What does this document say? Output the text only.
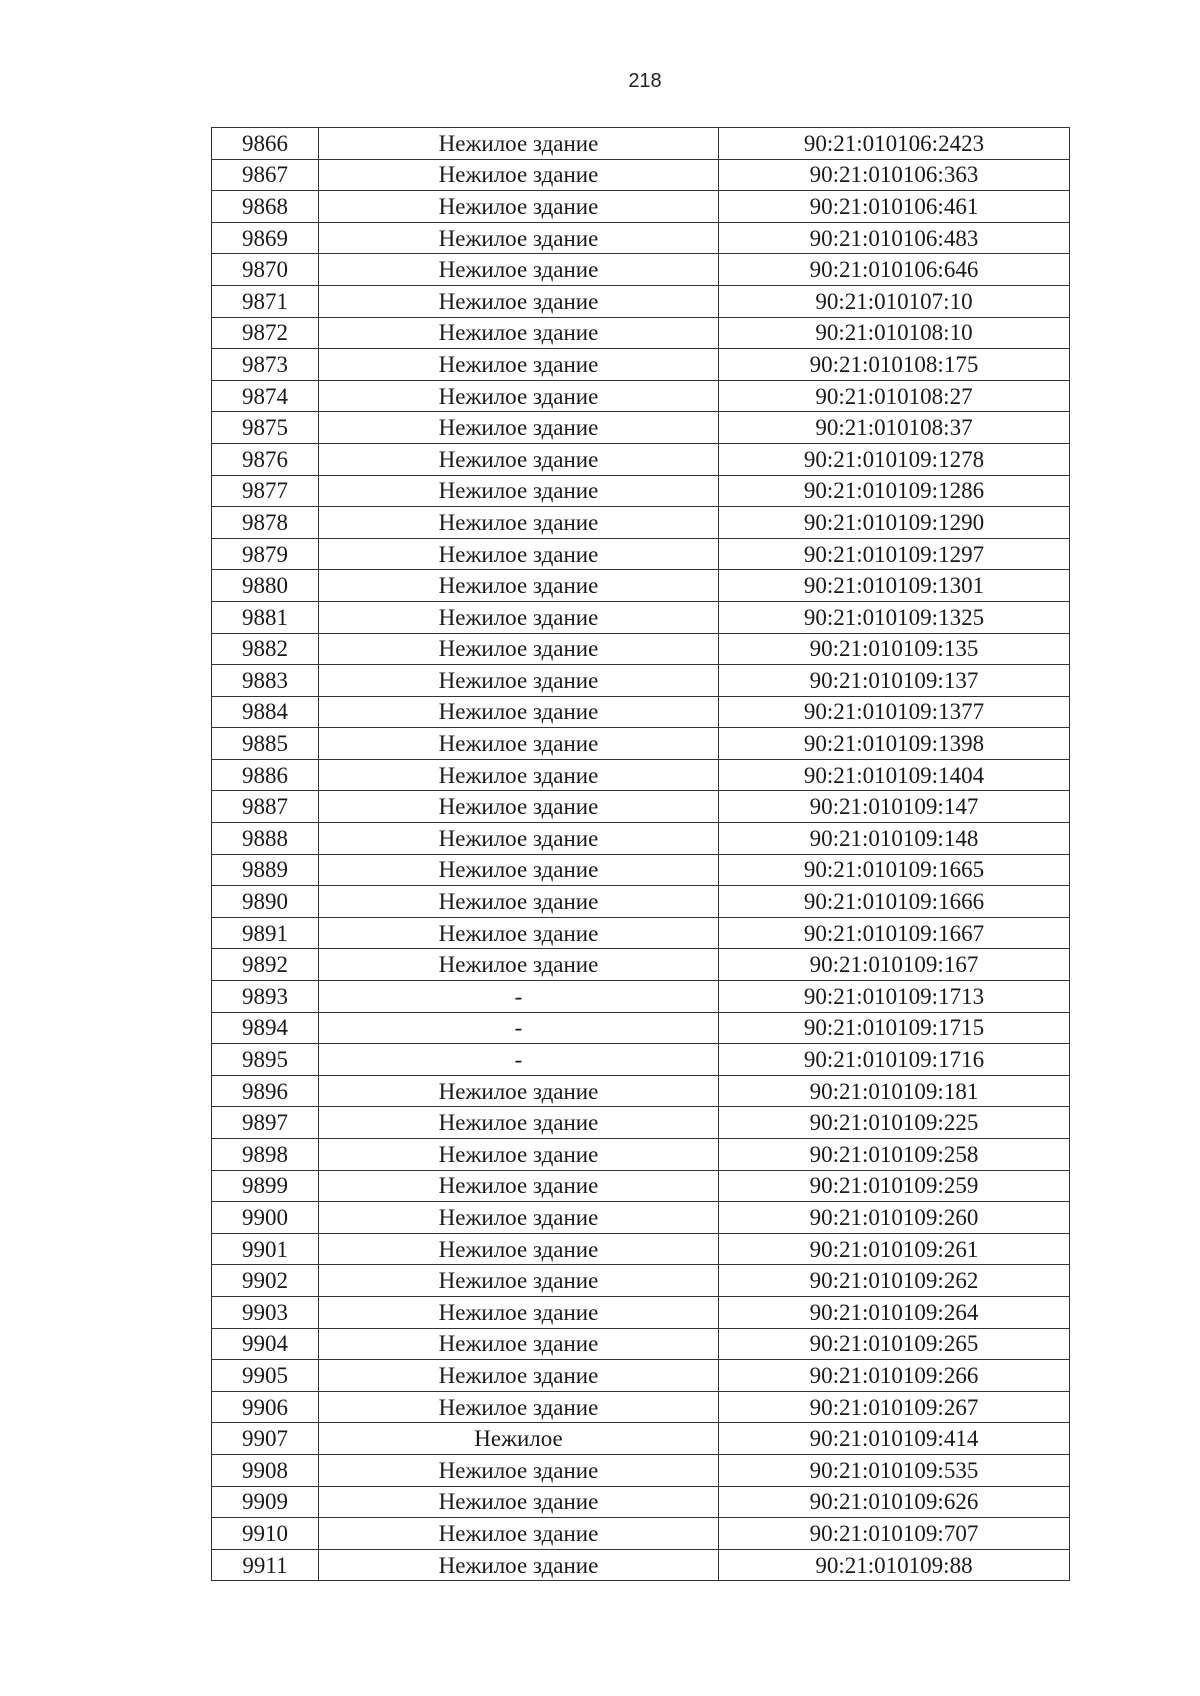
218
9866	Нежилое здание	90:21:010106:2423
9867	Нежилое здание	90:21:010106:363
9868	Нежилое здание	90:21:010106:461
9869	Нежилое здание	90:21:010106:483
9870	Нежилое здание	90:21:010106:646
9871	Нежилое здание	90:21:010107:10
9872	Нежилое здание	90:21:010108:10
9873	Нежилое здание	90:21:010108:175
9874	Нежилое здание	90:21:010108:27
9875	Нежилое здание	90:21:010108:37
9876	Нежилое здание	90:21:010109:1278
9877	Нежилое здание	90:21:010109:1286
9878	Нежилое здание	90:21:010109:1290
9879	Нежилое здание	90:21:010109:1297
9880	Нежилое здание	90:21:010109:1301
9881	Нежилое здание	90:21:010109:1325
9882	Нежилое здание	90:21:010109:135
9883	Нежилое здание	90:21:010109:137
9884	Нежилое здание	90:21:010109:1377
9885	Нежилое здание	90:21:010109:1398
9886	Нежилое здание	90:21:010109:1404
9887	Нежилое здание	90:21:010109:147
9888	Нежилое здание	90:21:010109:148
9889	Нежилое здание	90:21:010109:1665
9890	Нежилое здание	90:21:010109:1666
9891	Нежилое здание	90:21:010109:1667
9892	Нежилое здание	90:21:010109:167
9893	-	90:21:010109:1713
9894	-	90:21:010109:1715
9895	-	90:21:010109:1716
9896	Нежилое здание	90:21:010109:181
9897	Нежилое здание	90:21:010109:225
9898	Нежилое здание	90:21:010109:258
9899	Нежилое здание	90:21:010109:259
9900	Нежилое здание	90:21:010109:260
9901	Нежилое здание	90:21:010109:261
9902	Нежилое здание	90:21:010109:262
9903	Нежилое здание	90:21:010109:264
9904	Нежилое здание	90:21:010109:265
9905	Нежилое здание	90:21:010109:266
9906	Нежилое здание	90:21:010109:267
9907	Нежилое	90:21:010109:414
9908	Нежилое здание	90:21:010109:535
9909	Нежилое здание	90:21:010109:626
9910	Нежилое здание	90:21:010109:707
9911	Нежилое здание	90:21:010109:88
